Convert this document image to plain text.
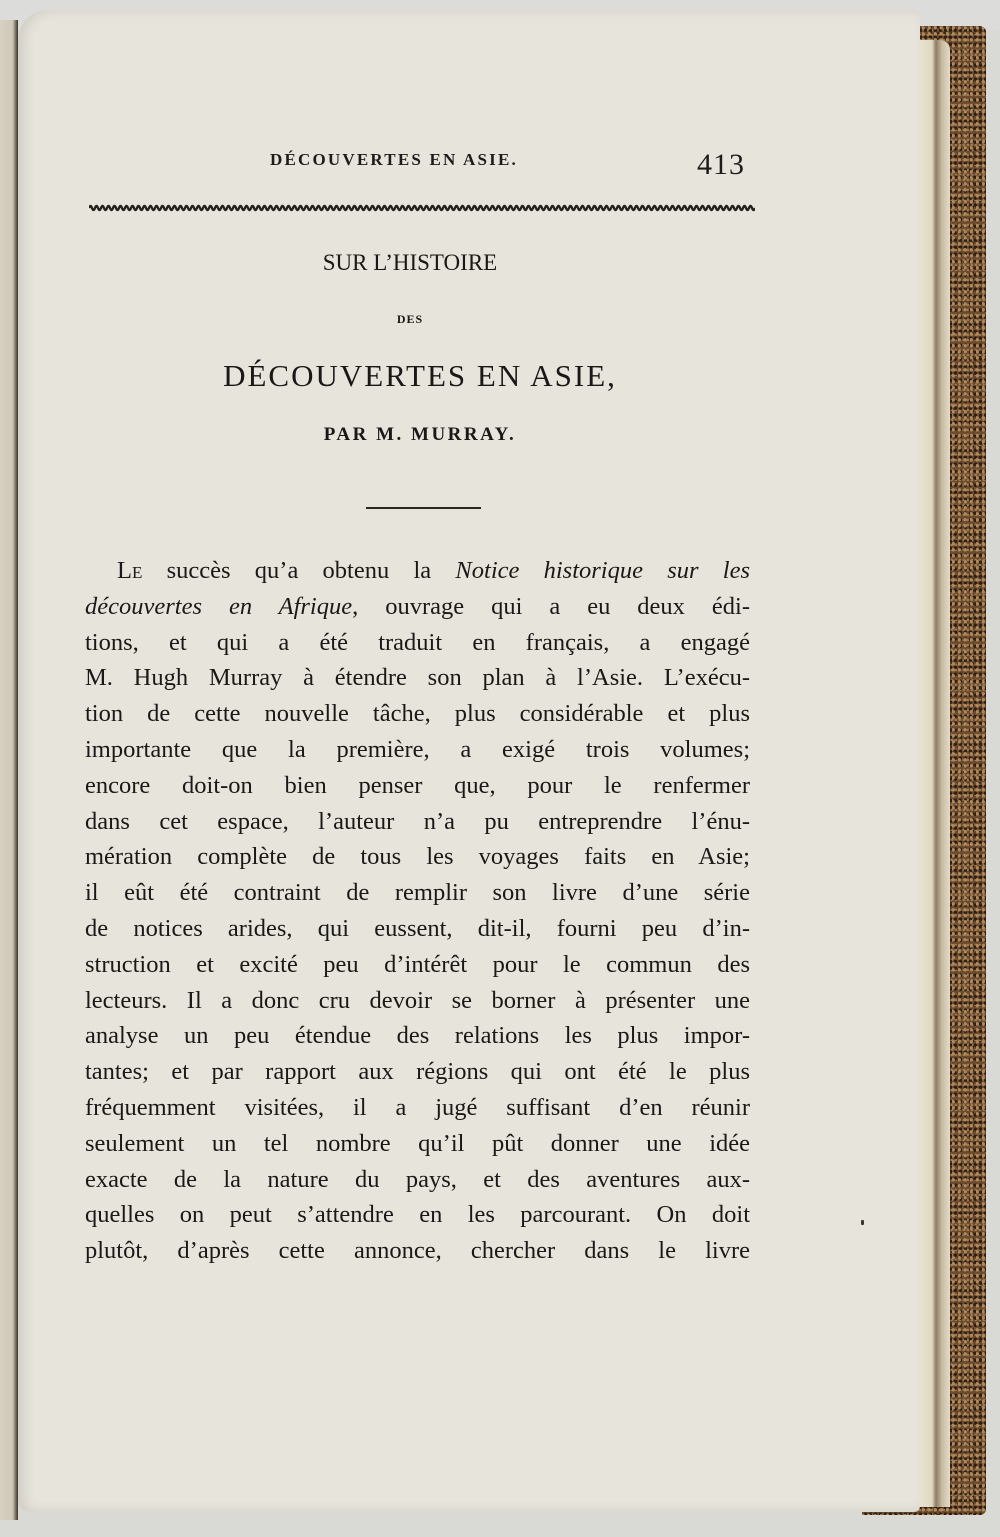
DÉCOUVERTES EN ASIE.	413
SUR L’HISTOIRE
DES
DÉCOUVERTES EN ASIE,
PAR M. MURRAY.
Le succès qu’a obtenu la Notice historique sur les
découvertes en Afrique, ouvrage qui a eu deux édi-
tions, et qui a été traduit en français, a engagé
M. Hugh Murray à étendre son plan à l’Asie. L’exécu-
tion de cette nouvelle tâche, plus considérable et plus
importante que la première, a exigé trois volumes;
encore doit-on bien penser que, pour le renfermer
dans cet espace, l’auteur n’a pu entreprendre l’énu-
mération complète de tous les voyages faits en Asie;
il eût été contraint de remplir son livre d’une série
de notices arides, qui eussent, dit-il, fourni peu d’in-
struction et excité peu d’intérêt pour le commun des
lecteurs. Il a donc cru devoir se borner à présenter une
analyse un peu étendue des relations les plus impor-
tantes; et par rapport aux régions qui ont été le plus
fréquemment visitées, il a jugé suffisant d’en réunir
seulement un tel nombre qu’il pût donner une idée
exacte de la nature du pays, et des aventures aux-
quelles on peut s’attendre en les parcourant. On doit
plutôt, d’après cette annonce, chercher dans le livre
